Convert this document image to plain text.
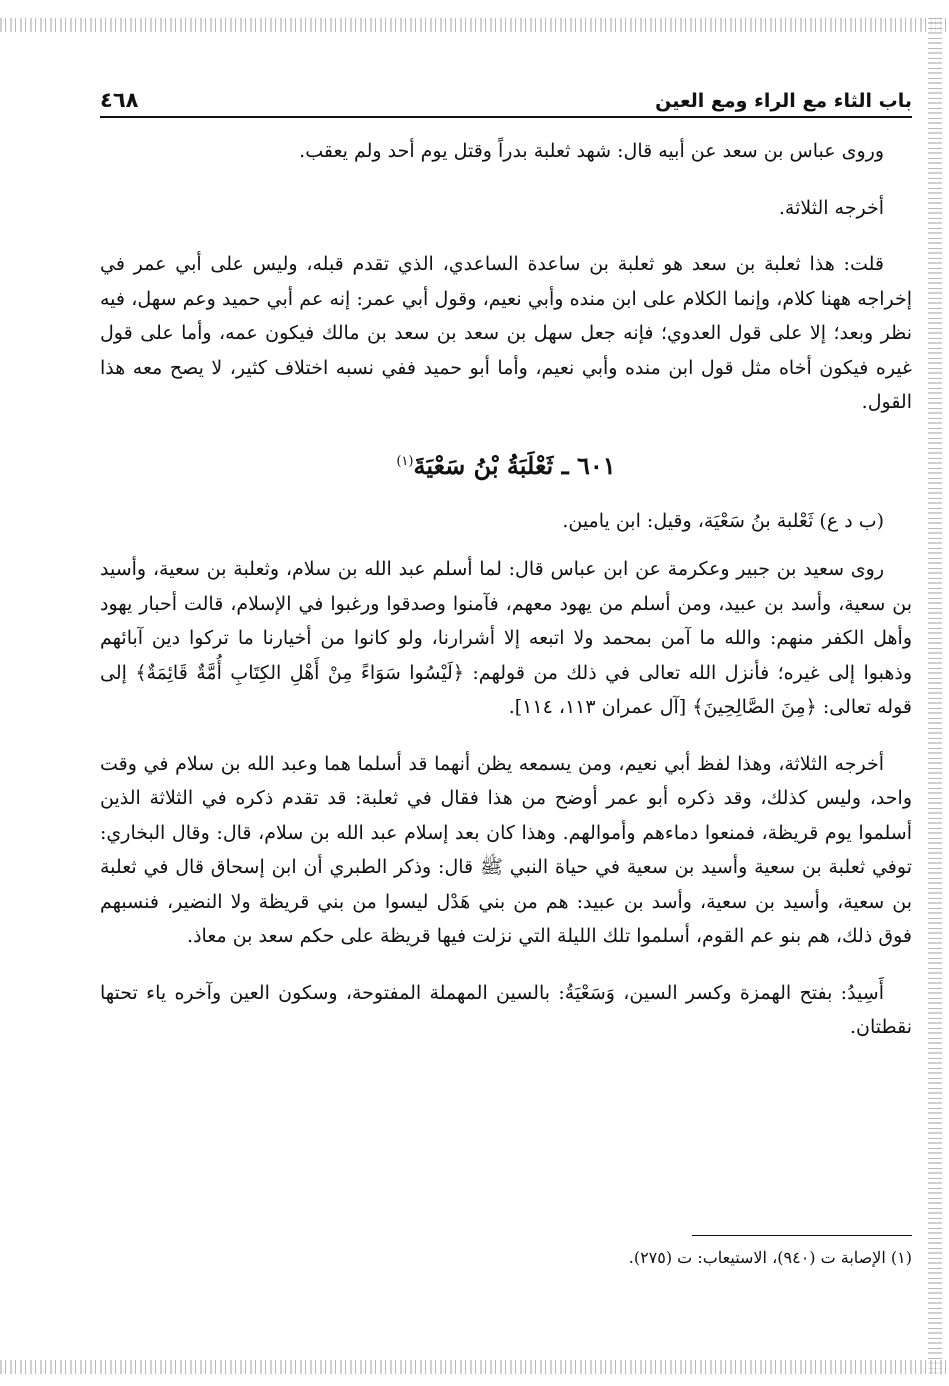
باب الثاء مع الراء ومع العين
٤٦٨

وروى عباس بن سعد عن أبيه قال: شهد ثعلبة بدراً وقتل يوم أحد ولم يعقب.

أخرجه الثلاثة.

قلت: هذا ثعلبة بن سعد هو ثعلبة بن ساعدة الساعدي، الذي تقدم قبله، وليس على أبي عمر في إخراجه ههنا كلام، وإنما الكلام على ابن منده وأبي نعيم، وقول أبي عمر: إنه عم أبي حميد وعم سهل، فيه نظر وبعد؛ إلا على قول العدوي؛ فإنه جعل سهل بن سعد بن سعد بن مالك فيكون عمه، وأما على قول غيره فيكون أخاه مثل قول ابن منده وأبي نعيم، وأما أبو حميد ففي نسبه اختلاف كثير، لا يصح معه هذا القول.

٦٠١ ـ ثَعْلَبَةُ بْنُ سَعْيَةَ$^{(١)}$

(ب د ع) ثَعْلبة بنُ سَعْيَة، وقيل: ابن يامين.

روى سعيد بن جبير وعكرمة عن ابن عباس قال: لما أسلم عبد الله بن سلام، وثعلبة بن سعية، وأسيد بن سعية، وأسد بن عبيد، ومن أسلم من يهود معهم، فآمنوا وصدقوا ورغبوا في الإسلام، قالت أحبار يهود وأهل الكفر منهم: والله ما آمن بمحمد ولا اتبعه إلا أشرارنا، ولو كانوا من أخيارنا ما تركوا دين آبائهم وذهبوا إلى غيره؛ فأنزل الله تعالى في ذلك من قولهم: ﴿لَيْسُوا سَوَاءً مِنْ أَهْلِ الكِتَابِ أُمَّةٌ قَائِمَةٌ﴾ إلى قوله تعالى: ﴿مِنَ الصَّالِحِينَ﴾ [آل عمران ١١٣، ١١٤].

أخرجه الثلاثة، وهذا لفظ أبي نعيم، ومن يسمعه يظن أنهما قد أسلما هما وعبد الله بن سلام في وقت واحد، وليس كذلك، وقد ذكره أبو عمر أوضح من هذا فقال في ثعلبة: قد تقدم ذكره في الثلاثة الذين أسلموا يوم قريظة، فمنعوا دماءهم وأموالهم. وهذا كان بعد إسلام عبد الله بن سلام، قال: وقال البخاري: توفي ثعلبة بن سعية وأسيد بن سعية في حياة النبي ﷺ قال: وذكر الطبري أن ابن إسحاق قال في ثعلبة بن سعية، وأسيد بن سعية، وأسد بن عبيد: هم من بني هَدْل ليسوا من بني قريظة ولا النضير، فنسبهم فوق ذلك، هم بنو عم القوم، أسلموا تلك الليلة التي نزلت فيها قريظة على حكم سعد بن معاذ.

أَسِيدُ: بفتح الهمزة وكسر السين، وَسَعْيَةُ: بالسين المهملة المفتوحة، وسكون العين وآخره ياء تحتها نقطتان.

(١) الإصابة ت (٩٤٠)، الاستيعاب: ت (٢٧٥).
